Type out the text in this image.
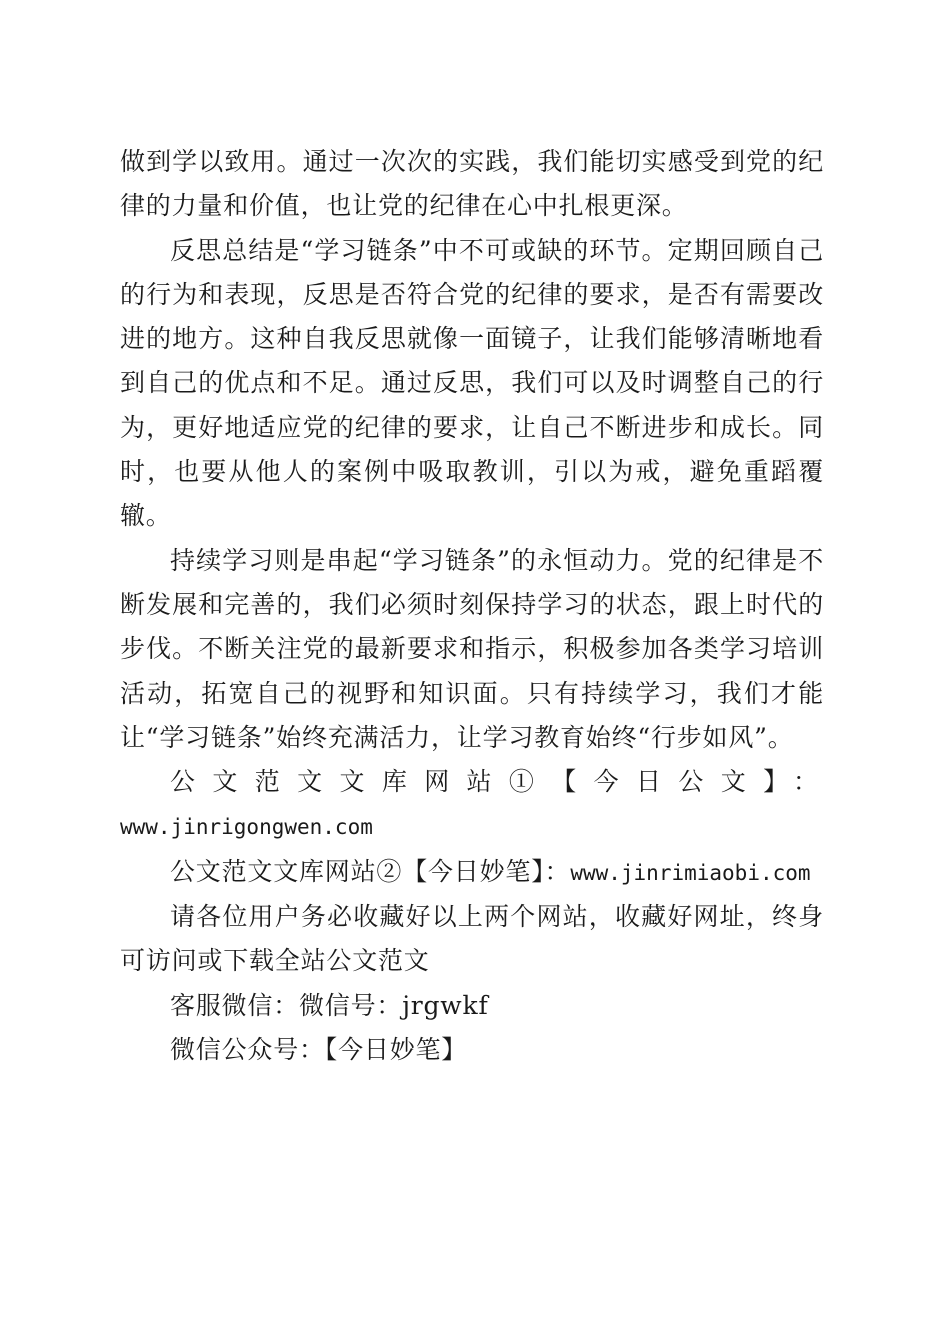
做到学以致用。通过一次次的实践，我们能切实感受到党的纪律的力量和价值，也让党的纪律在心中扎根更深。

反思总结是“学习链条”中不可或缺的环节。定期回顾自己的行为和表现，反思是否符合党的纪律的要求，是否有需要改进的地方。这种自我反思就像一面镜子，让我们能够清晰地看到自己的优点和不足。通过反思，我们可以及时调整自己的行为，更好地适应党的纪律的要求，让自己不断进步和成长。同时，也要从他人的案例中吸取教训，引以为戒，避免重蹈覆辙。

持续学习则是串起“学习链条”的永恒动力。党的纪律是不断发展和完善的，我们必须时刻保持学习的状态，跟上时代的步伐。不断关注党的最新要求和指示，积极参加各类学习培训活动，拓宽自己的视野和知识面。只有持续学习，我们才能让“学习链条”始终充满活力，让学习教育始终“行步如风”。

公文范文文库网站①【今日公文】：

www.jinrigongwen.com

公文范文文库网站②【今日妙笔】：www.jinrimiaobi.com

请各位用户务必收藏好以上两个网站，收藏好网址，终身可访问或下载全站公文范文

客服微信：微信号：jrgwkf

微信公众号：【今日妙笔】
